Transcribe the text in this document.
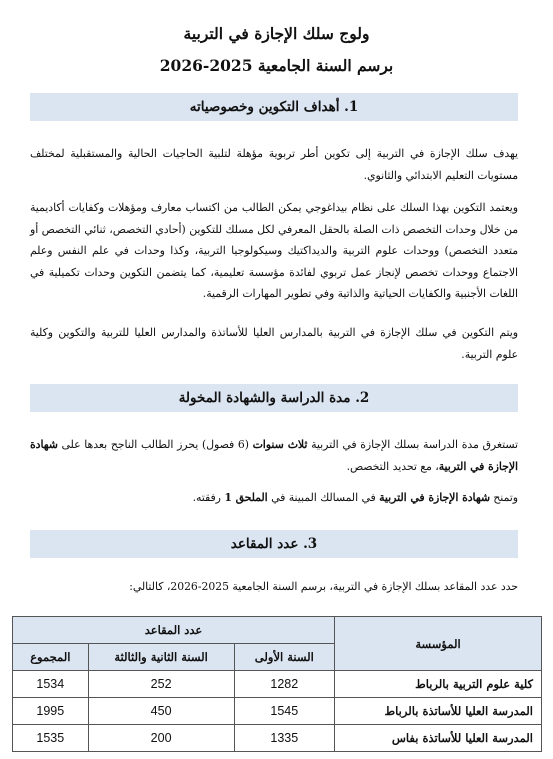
ولوج سلك الإجازة في التربية
برسم السنة الجامعية 2025-2026
1. أهداف التكوين وخصوصياته
يهدف سلك الإجازة في التربية إلى تكوين أطر تربوية مؤهلة لتلبية الحاجيات الحالية والمستقبلية لمختلف مستويات التعليم الابتدائي والثانوي.
ويعتمد التكوين بهذا السلك على نظام بيداغوجي يمكن الطالب من اكتساب معارف ومؤهلات وكفايات أكاديمية من خلال وحدات التخصص ذات الصلة بالحقل المعرفي لكل مسلك للتكوين (أحادي التخصص، ثنائي التخصص أو متعدد التخصص) ووحدات علوم التربية والديداكتيك وسيكولوجيا التربية، وكذا وحدات في علم النفس وعلم الاجتماع ووحدات تخصص لإنجاز عمل تربوي لفائدة مؤسسة تعليمية، كما يتضمن التكوين وحدات تكميلية في اللغات الأجنبية والكفايات الحياتية والذاتية وفي تطوير المهارات الرقمية.
ويتم التكوين في سلك الإجازة في التربية بالمدارس العليا للأساتذة والمدارس العليا للتربية والتكوين وكلية علوم التربية.
2. مدة الدراسة والشهادة المخولة
تستغرق مدة الدراسة بسلك الإجازة في التربية ثلاث سنوات (6 فصول) يحرز الطالب الناجح بعدها على شهادة الإجازة في التربية، مع تحديد التخصص.
وتمنح شهادة الإجازة في التربية في المسالك المبينة في الملحق 1 رفقته.
3. عدد المقاعد
حدد عدد المقاعد بسلك الإجازة في التربية، برسم السنة الجامعية 2025-2026، كالتالي:
المؤسسة	عدد المقاعد		
	السنة الأولى	السنة الثانية والثالثة	المجموع
كلية علوم التربية بالرباط	1282	252	1534
المدرسة العليا للأساتذة بالرباط	1545	450	1995
المدرسة العليا للأساتذة بفاس	1335	200	1535
